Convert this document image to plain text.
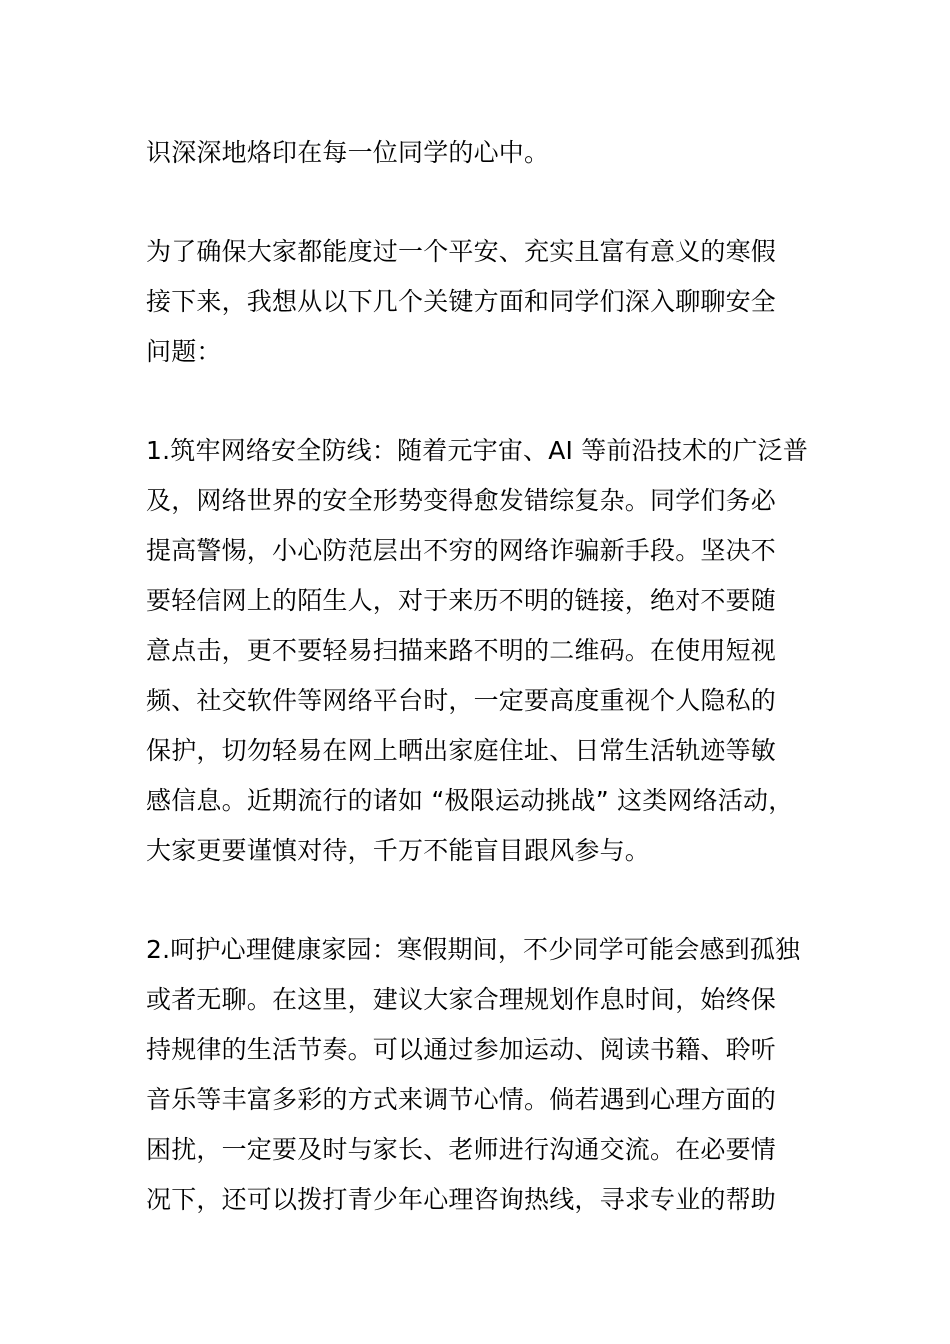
识深深地烙印在每一位同学的心中。

为了确保大家都能度过一个平安、充实且富有意义的寒假

接下来，我想从以下几个关键方面和同学们深入聊聊安全

问题：

1.筑牢网络安全防线：随着元宇宙、AI 等前沿技术的广泛普

及，网络世界的安全形势变得愈发错综复杂。同学们务必

提高警惕，小心防范层出不穷的网络诈骗新手段。坚决不

要轻信网上的陌生人，对于来历不明的链接，绝对不要随

意点击，更不要轻易扫描来路不明的二维码。在使用短视

频、社交软件等网络平台时，一定要高度重视个人隐私的

保护，切勿轻易在网上晒出家庭住址、日常生活轨迹等敏

感信息。近期流行的诸如 “极限运动挑战” 这类网络活动，

大家更要谨慎对待，千万不能盲目跟风参与。

2.呵护心理健康家园：寒假期间，不少同学可能会感到孤独

或者无聊。在这里，建议大家合理规划作息时间，始终保

持规律的生活节奏。可以通过参加运动、阅读书籍、聆听

音乐等丰富多彩的方式来调节心情。倘若遇到心理方面的

困扰，一定要及时与家长、老师进行沟通交流。在必要情

况下，还可以拨打青少年心理咨询热线，寻求专业的帮助
